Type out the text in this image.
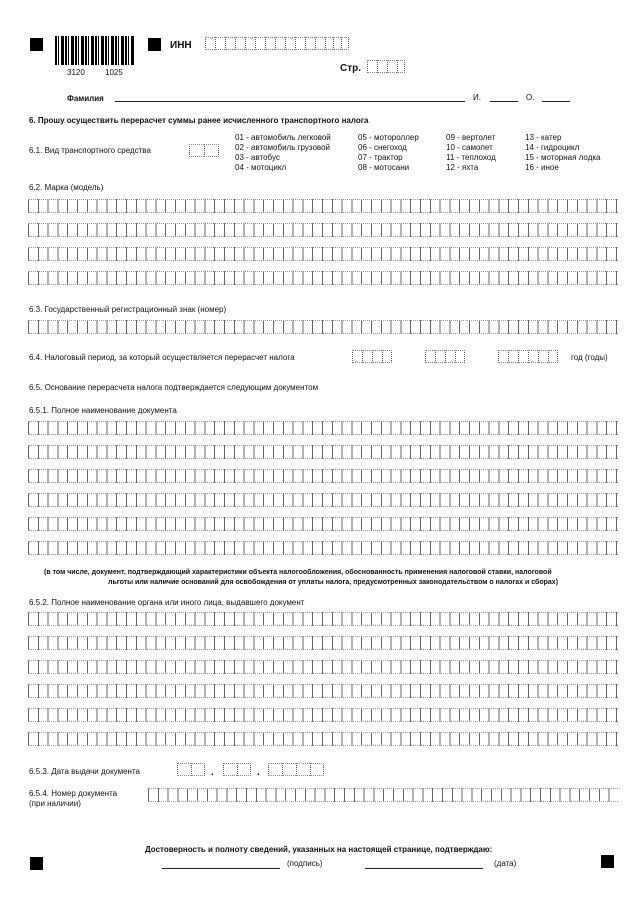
3120	1025
ИНН
Стр.
Фамилия	И.	О.
6. Прошу осуществить перерасчет суммы ранее исчисленного транспортного налога
6.1. Вид транспортного средства
01 - автомобиль легковой
02 - автомобиль грузовой
03 - автобус
04 - мотоцикл
05 - мотороллер
06 - снегоход
07 - трактор
08 - мотосани
09 - вертолет
10 - самолет
11 - теплоход
12 - яхта
13 - катер
14 - гидроцикл
15 - моторная лодка
16 - иное
6.2. Марка (модель)
6.3. Государственный регистрационный знак (номер)
6.4. Налоговый период, за который осуществляется перерасчет налога	год (годы)
6.5. Основание перерасчета налога подтверждается следующим документом
6.5.1. Полное наименование документа
(в том числе, документ, подтверждающий характеристики объекта налогообложения, обоснованность применения налоговой ставки, налоговой
льготы или наличие оснований для освобождения от уплаты налога, предусмотренных законодательством о налогах и сборах)
6.5.2. Полное наименование органа или иного лица, выдавшего документ
6.5.3. Дата выдачи документа	.	.
6.5.4. Номер документа
(при наличии)
Достоверность и полноту сведений, указанных на настоящей странице, подтверждаю:
(подпись)	(дата)
